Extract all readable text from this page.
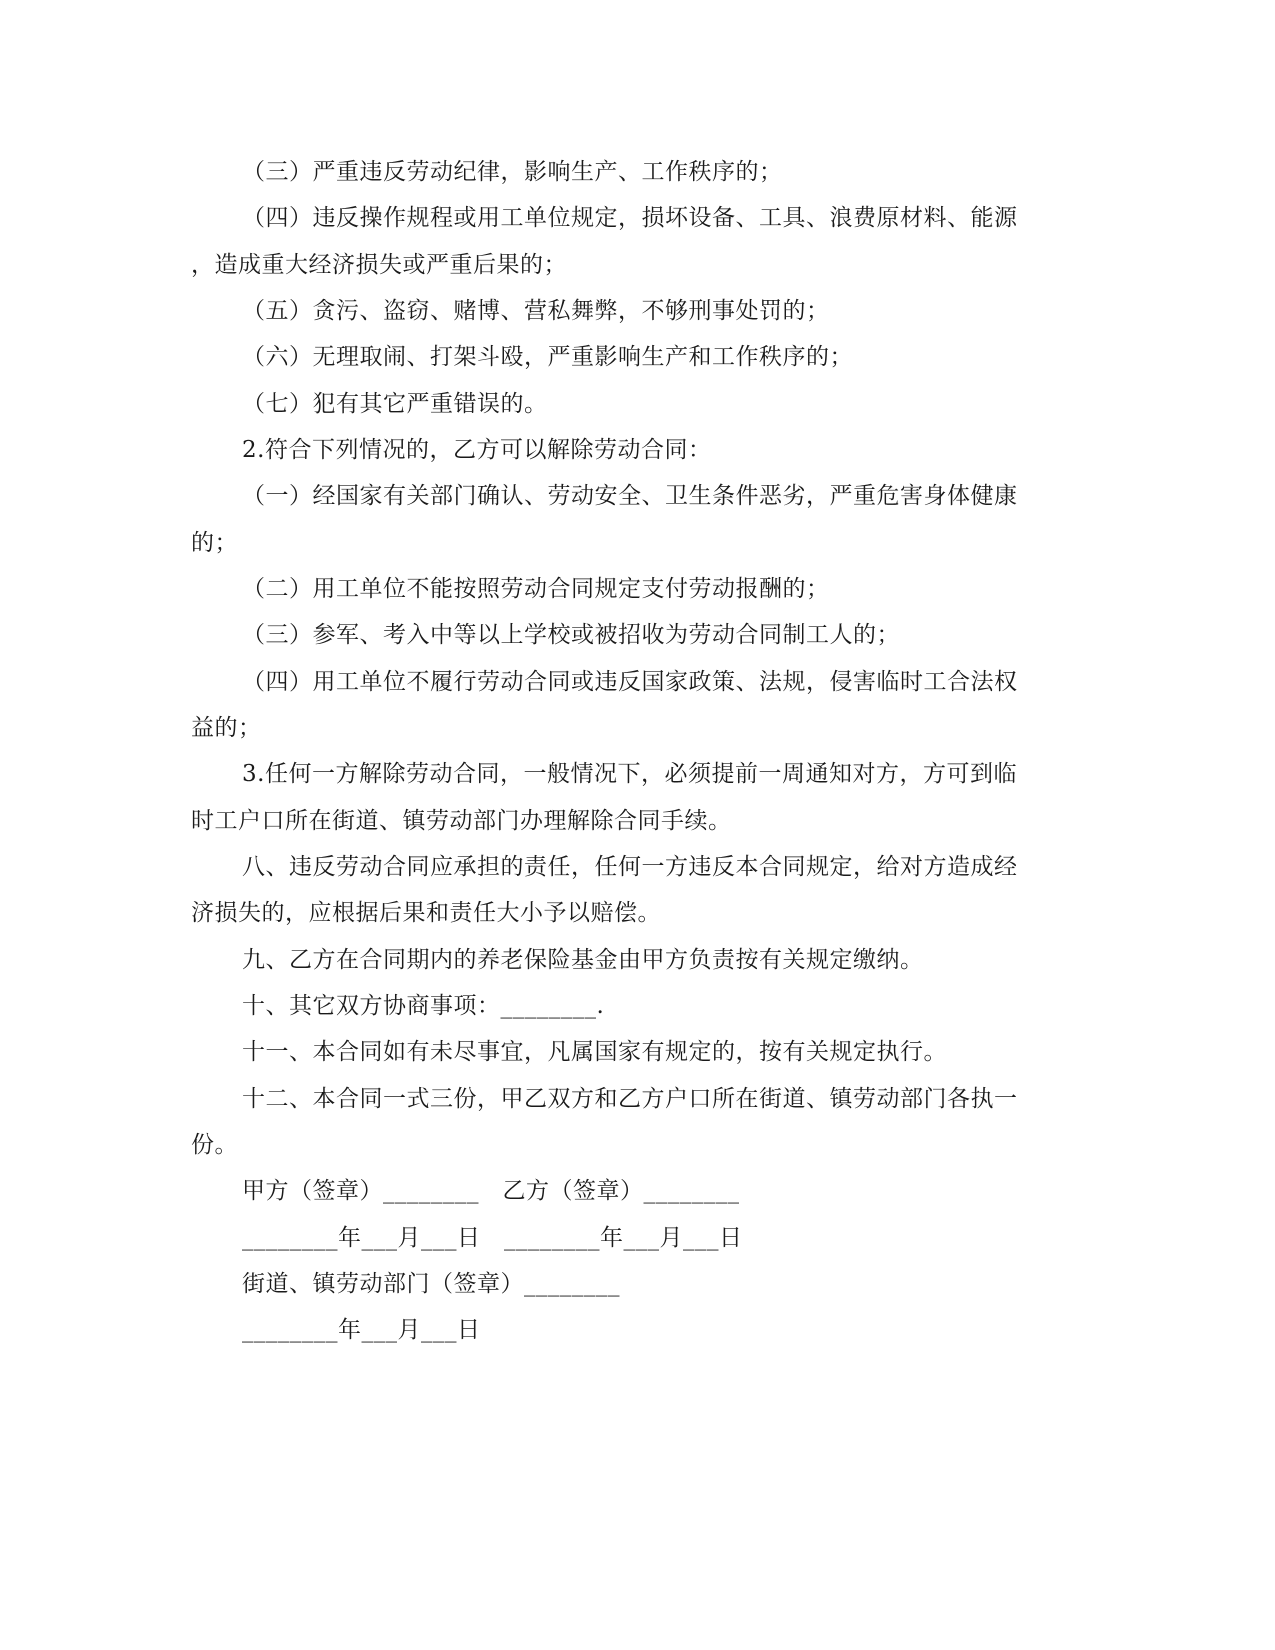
（三）严重违反劳动纪律，影响生产、工作秩序的；
（四）违反操作规程或用工单位规定，损坏设备、工具、浪费原材料、能源
，造成重大经济损失或严重后果的；
（五）贪污、盗窃、赌博、营私舞弊，不够刑事处罚的；
（六）无理取闹、打架斗殴，严重影响生产和工作秩序的；
（七）犯有其它严重错误的。
2.符合下列情况的，乙方可以解除劳动合同：
（一）经国家有关部门确认、劳动安全、卫生条件恶劣，严重危害身体健康
的；
（二）用工单位不能按照劳动合同规定支付劳动报酬的；
（三）参军、考入中等以上学校或被招收为劳动合同制工人的；
（四）用工单位不履行劳动合同或违反国家政策、法规，侵害临时工合法权
益的；
3.任何一方解除劳动合同，一般情况下，必须提前一周通知对方，方可到临
时工户口所在街道、镇劳动部门办理解除合同手续。
八、违反劳动合同应承担的责任，任何一方违反本合同规定，给对方造成经
济损失的，应根据后果和责任大小予以赔偿。
九、乙方在合同期内的养老保险基金由甲方负责按有关规定缴纳。
十、其它双方协商事项：________.
十一、本合同如有未尽事宜，凡属国家有规定的，按有关规定执行。
十二、本合同一式三份，甲乙双方和乙方户口所在街道、镇劳动部门各执一
份。
甲方（签章）________　乙方（签章）________
________年___月___日　________年___月___日
街道、镇劳动部门（签章）________
________年___月___日
